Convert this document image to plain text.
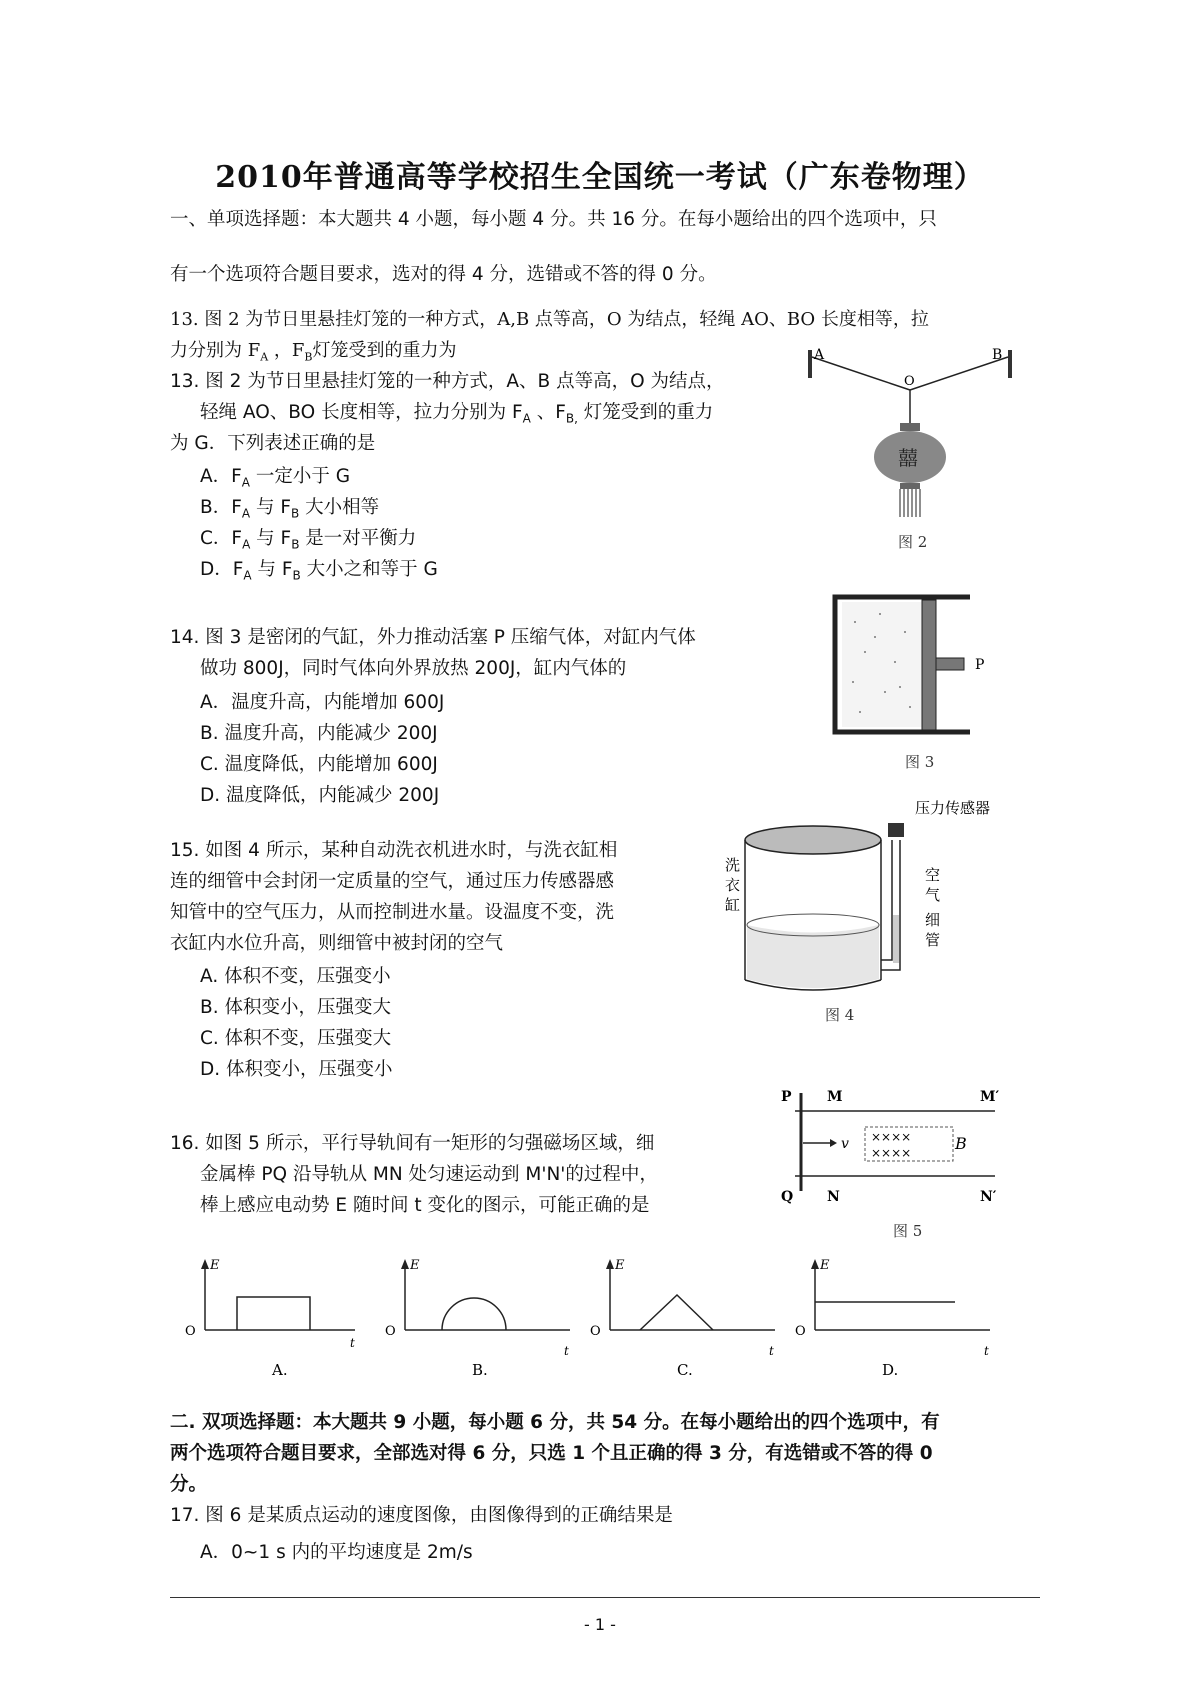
2010年普通高等学校招生全国统一考试（广东卷物理）
一、单项选择题：本大题共 4 小题，每小题 4 分。共 16 分。在每小题给出的四个选项中，只
有一个选项符合题目要求，选对的得 4 分，选错或不答的得 0 分。
13. 图 2 为节日里悬挂灯笼的一种方式，A,B 点等高，O 为结点，轻绳 AO、BO 长度相等，拉
力分别为 $F_A$ ，$F_B$灯笼受到的重力为
13. 图 2 为节日里悬挂灯笼的一种方式，A、B 点等高，O 为结点，
轻绳 AO、BO 长度相等，拉力分别为 $F_A$ 、$F_{B,}$ 灯笼受到的重力
为 G．下列表述正确的是
A．$F_A$ 一定小于 G
B．$F_A$ 与 $F_B$ 大小相等
C．$F_A$ 与 $F_B$ 是一对平衡力
D．$F_A$ 与 $F_B$ 大小之和等于 G
A	B
O
囍
图 2
14. 图 3 是密闭的气缸，外力推动活塞 P 压缩气体，对缸内气体
做功 800J，同时气体向外界放热 200J，缸内气体的
A．温度升高，内能增加 600J
B. 温度升高，内能减少 200J
C. 温度降低，内能增加 600J
D. 温度降低，内能减少 200J
P
图 3
15. 如图 4 所示，某种自动洗衣机进水时，与洗衣缸相
连的细管中会封闭一定质量的空气，通过压力传感器感
知管中的空气压力，从而控制进水量。设温度不变，洗
衣缸内水位升高，则细管中被封闭的空气
A. 体积不变，压强变小
B. 体积变小，压强变大
C. 体积不变，压强变大
D. 体积变小，压强变小
压力传感器
洗
衣
缸
空
气
细
管
图 4
16. 如图 5 所示，平行导轨间有一矩形的匀强磁场区域，细
金属棒 PQ 沿导轨从 MN 处匀速运动到 M'N'的过程中，
棒上感应电动势 E 随时间 t 变化的图示，可能正确的是
P	M	M′
v ××××
××××	B
Q N	N′
图 5
E
O
t
A.
E
O
t
B.
E
O
t
C.
E
O
t
D.
二. 双项选择题：本大题共 9 小题，每小题 6 分，共 54 分。在每小题给出的四个选项中，有
两个选项符合题目要求，全部选对得 6 分，只选 1 个且正确的得 3 分，有选错或不答的得 0
分。
17. 图 6 是某质点运动的速度图像，由图像得到的正确结果是
A．0~1 s 内的平均速度是 2m/s
- 1 -
